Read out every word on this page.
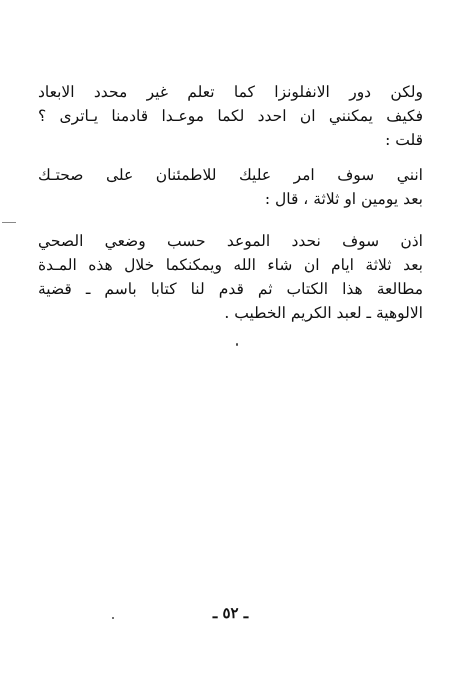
ولكن دور الانفلونزا كما تعلم غير محدد الابعاد
فكيف يمكنني ان احدد لكما موعـدا قادمنا يـاترى ؟
قلت :
انني سوف امر عليك للاطمئنان على صحتـك
بعد يومين او ثلاثة ، قال :
اذن سوف نحدد الموعد حسب وضعي الصحي
بعد ثلاثة ايام ان شاء الله ويمكنكما خلال هذه المـدة
مطالعة هذا الكتاب ثم قدم لنا كتابا باسم ـ قضية
الالوهية ـ لعبد الكريم الخطيب .
ـ ٥٢ ـ
